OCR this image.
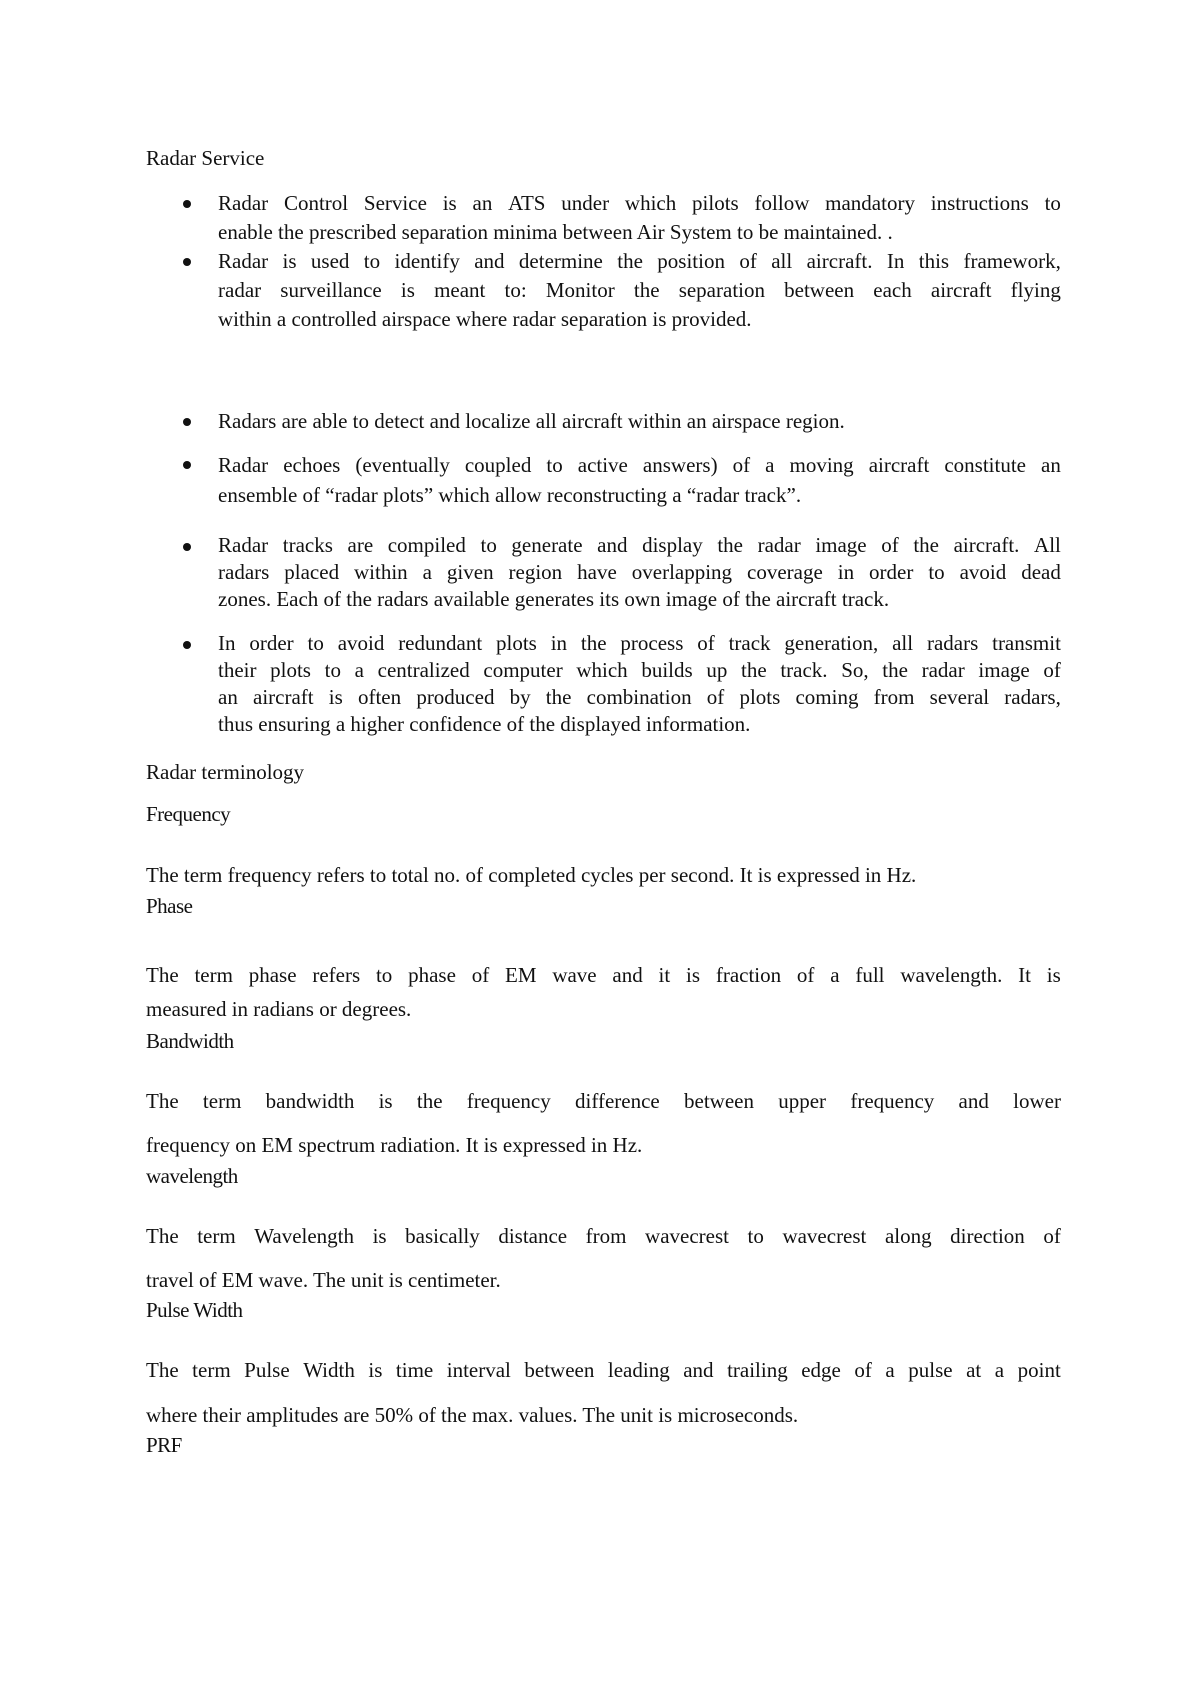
Radar Service
Radar Control Service is an ATS under which pilots follow mandatory instructions to
enable the prescribed separation minima between Air System to be maintained. .
Radar is used to identify and determine the position of all aircraft. In this framework,
radar surveillance is meant to: Monitor the separation between each aircraft flying
within a controlled airspace where radar separation is provided.
Radars are able to detect and localize all aircraft within an airspace region.
Radar echoes (eventually coupled to active answers) of a moving aircraft constitute an
ensemble of “radar plots” which allow reconstructing a “radar track”.
Radar tracks are compiled to generate and display the radar image of the aircraft. All
radars placed within a given region have overlapping coverage in order to avoid dead
zones. Each of the radars available generates its own image of the aircraft track.
In order to avoid redundant plots in the process of track generation, all radars transmit
their plots to a centralized computer which builds up the track. So, the radar image of
an aircraft is often produced by the combination of plots coming from several radars,
thus ensuring a higher confidence of the displayed information.
Radar terminology
Frequency
The term frequency refers to total no. of completed cycles per second. It is expressed in Hz.
Phase
The term phase refers to phase of EM wave and it is fraction of a full wavelength. It is
measured in radians or degrees.
Bandwidth
The term bandwidth is the frequency difference between upper frequency and lower
frequency on EM spectrum radiation. It is expressed in Hz.
wavelength
The term Wavelength is basically distance from wavecrest to wavecrest along direction of
travel of EM wave. The unit is centimeter.
Pulse Width
The term Pulse Width is time interval between leading and trailing edge of a pulse at a point
where their amplitudes are 50% of the max. values. The unit is microseconds.
PRF
